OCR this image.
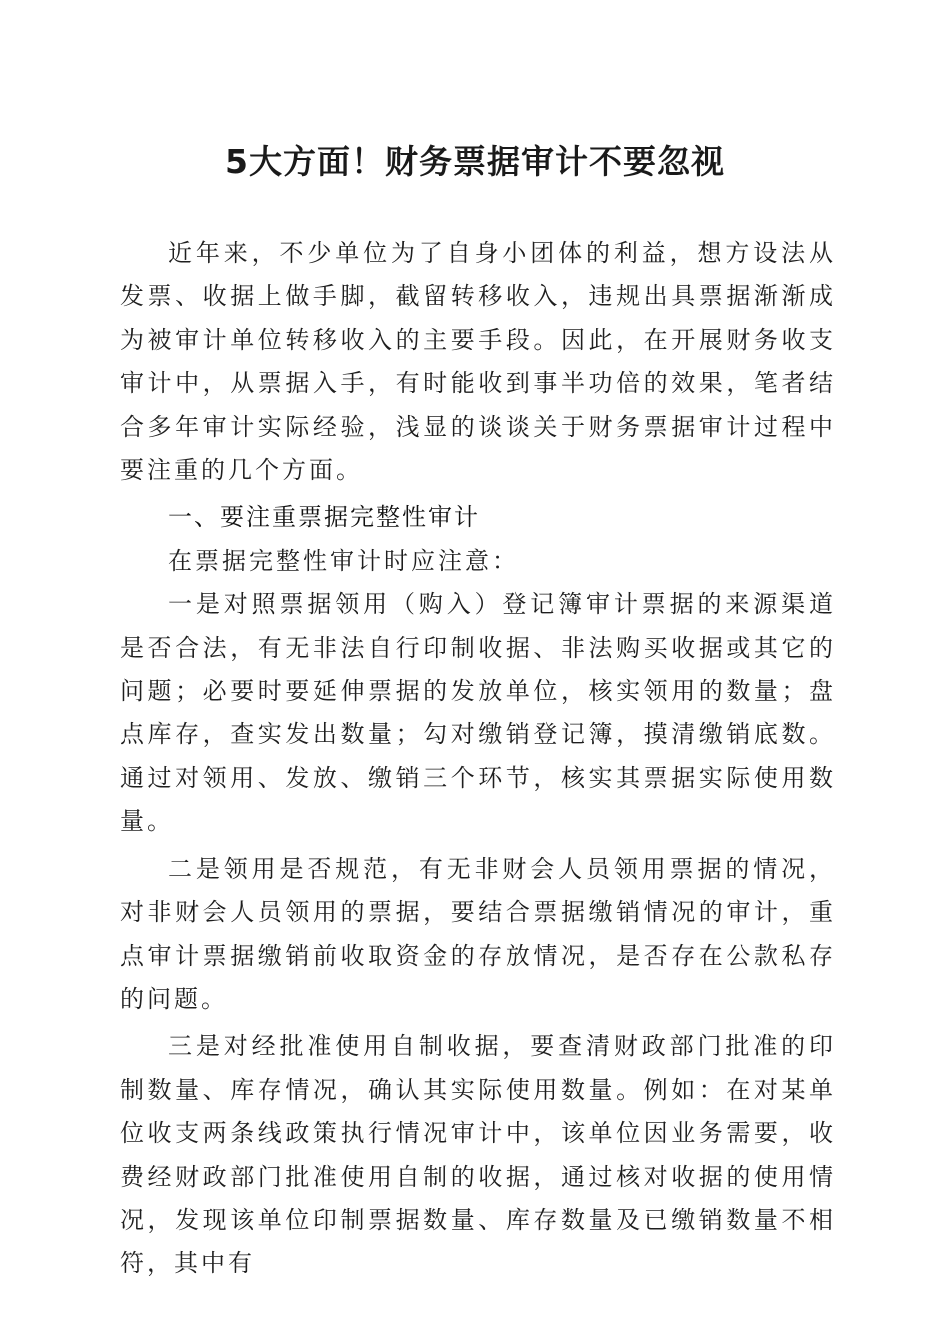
5大方面！财务票据审计不要忽视

近年来，不少单位为了自身小团体的利益，想方设法从发票、收据上做手脚，截留转移收入，违规出具票据渐渐成为被审计单位转移收入的主要手段。因此，在开展财务收支审计中，从票据入手，有时能收到事半功倍的效果，笔者结合多年审计实际经验，浅显的谈谈关于财务票据审计过程中要注重的几个方面。

一、要注重票据完整性审计

在票据完整性审计时应注意：

一是对照票据领用（购入）登记簿审计票据的来源渠道是否合法，有无非法自行印制收据、非法购买收据或其它的问题；必要时要延伸票据的发放单位，核实领用的数量；盘点库存，查实发出数量；勾对缴销登记簿，摸清缴销底数。通过对领用、发放、缴销三个环节，核实其票据实际使用数量。

二是领用是否规范，有无非财会人员领用票据的情况，对非财会人员领用的票据，要结合票据缴销情况的审计，重点审计票据缴销前收取资金的存放情况，是否存在公款私存的问题。

三是对经批准使用自制收据，要查清财政部门批准的印制数量、库存情况，确认其实际使用数量。例如：在对某单位收支两条线政策执行情况审计中，该单位因业务需要，收费经财政部门批准使用自制的收据，通过核对收据的使用情况，发现该单位印制票据数量、库存数量及已缴销数量不相符，其中有
